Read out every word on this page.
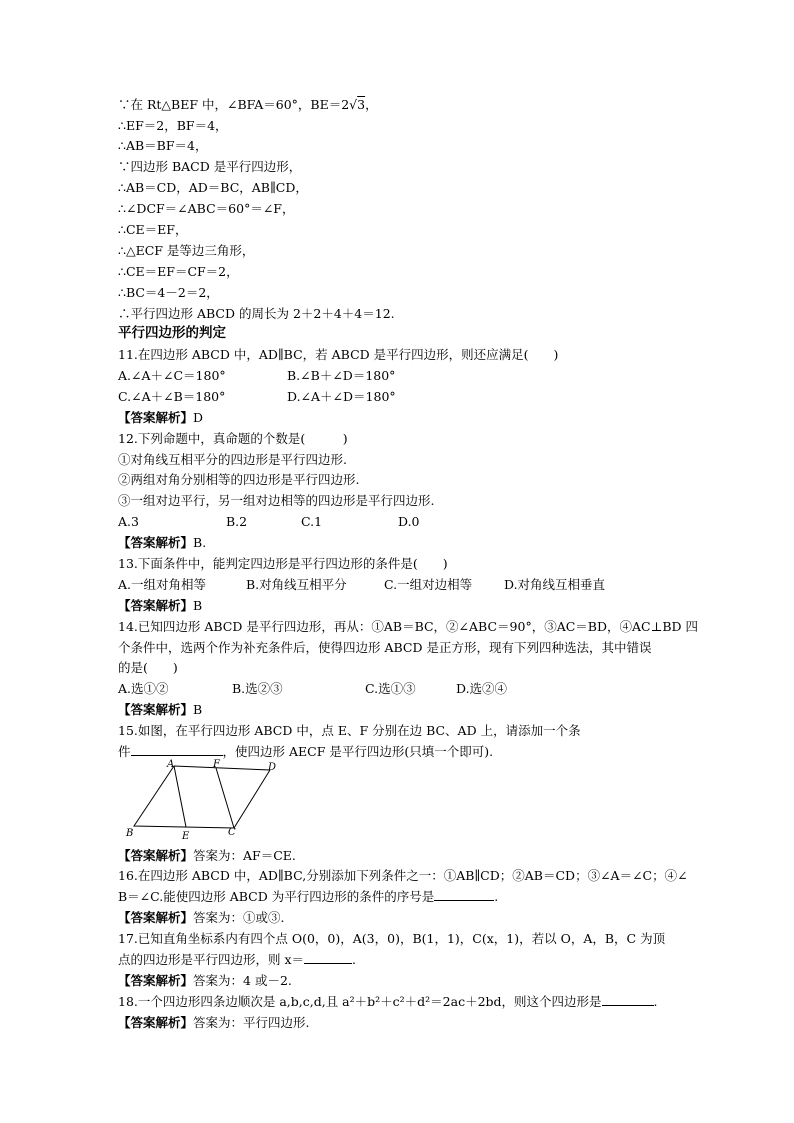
∵在 Rt△BEF 中，∠BFA＝60°，BE＝2√3，
∴EF＝2，BF＝4，
∴AB＝BF＝4，
∵四边形 BACD 是平行四边形，
∴AB＝CD，AD＝BC，AB∥CD，
∴∠DCF＝∠ABC＝60°＝∠F，
∴CE＝EF，
∴△ECF 是等边三角形，
∴CE＝EF＝CF＝2，
∴BC＝4－2＝2，
∴平行四边形 ABCD 的周长为 2＋2＋4＋4＝12.
平行四边形的判定
11.在四边形 ABCD 中，AD∥BC，若 ABCD 是平行四边形，则还应满足(　　)
A.∠A＋∠C＝180°	B.∠B＋∠D＝180°
C.∠A＋∠B＝180°	D.∠A＋∠D＝180°
【答案解析】D
12.下列命题中，真命题的个数是(　　　)
①对角线互相平分的四边形是平行四边形.
②两组对角分别相等的四边形是平行四边形.
③一组对边平行，另一组对边相等的四边形是平行四边形.
A.3	B.2	C.1	D.0
【答案解析】B.
13.下面条件中，能判定四边形是平行四边形的条件是(　　)
A.一组对角相等	B.对角线互相平分	C.一组对边相等	D.对角线互相垂直
【答案解析】B
14.已知四边形 ABCD 是平行四边形，再从：①AB＝BC，②∠ABC＝90°，③AC＝BD，④AC⊥BD 四
个条件中，选两个作为补充条件后，使得四边形 ABCD 是正方形，现有下列四种选法，其中错误
的是(　　)
A.选①②	B.选②③	C.选①③	D.选②④
【答案解析】B
15.如图，在平行四边形 ABCD 中，点 E、F 分别在边 BC、AD 上，请添加一个条
件	，使四边形 AECF 是平行四边形(只填一个即可).
A	F	D
B	E	C
【答案解析】答案为：AF＝CE.
16.在四边形 ABCD 中，AD∥BC,分别添加下列条件之一：①AB∥CD；②AB＝CD；③∠A＝∠C；④∠
B＝∠C.能使四边形 ABCD 为平行四边形的条件的序号是	.
【答案解析】答案为：①或③.
17.已知直角坐标系内有四个点 O(0，0)，A(3，0)，B(1，1)，C(x，1)，若以 O，A，B，C 为顶
点的四边形是平行四边形，则 x＝	.
【答案解析】答案为：4 或－2.
18.一个四边形四条边顺次是 a,b,c,d,且 a²＋b²＋c²＋d²＝2ac＋2bd，则这个四边形是	.
【答案解析】答案为：平行四边形.
